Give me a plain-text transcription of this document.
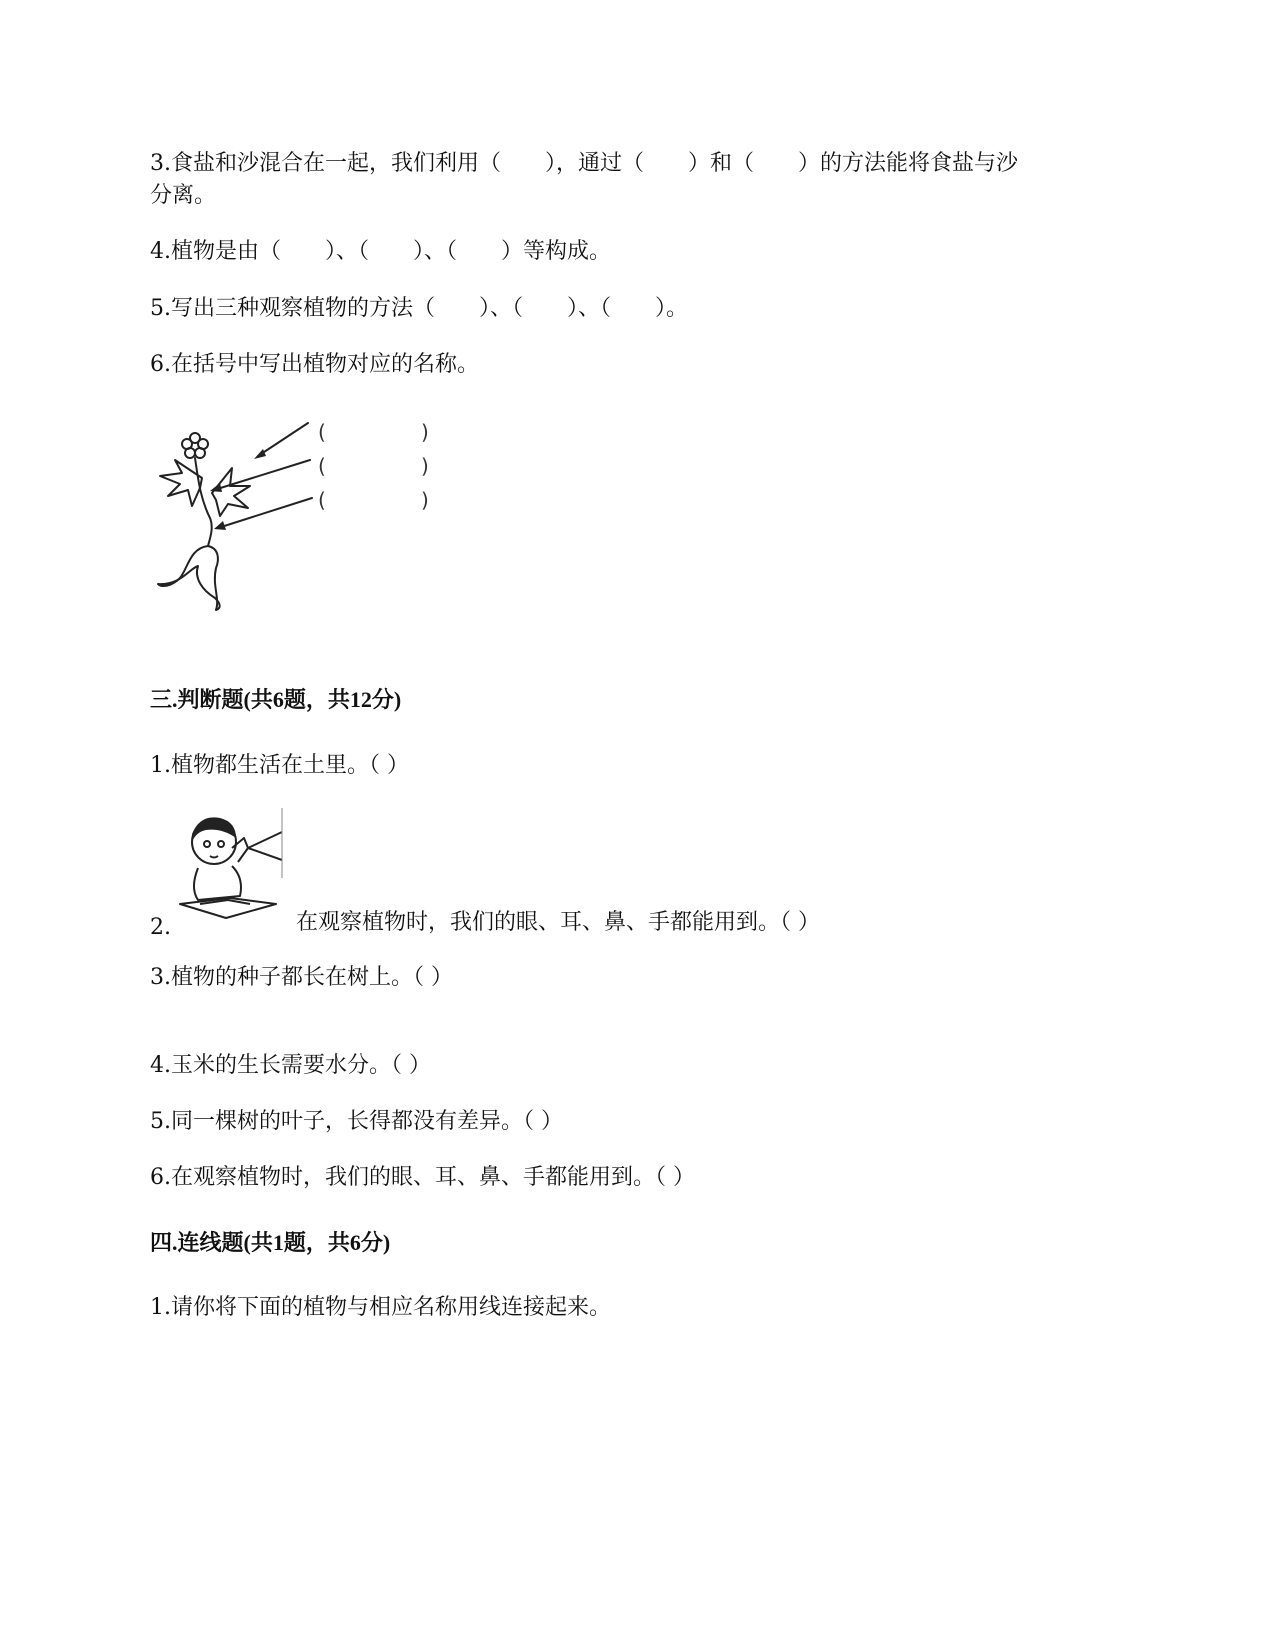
3.食盐和沙混合在一起，我们利用（　　），通过（　　）和（　　）的方法能将食盐与沙

分离。

4.植物是由（　　）、（　　）、（　　）等构成。

5.写出三种观察植物的方法（　　）、（　　）、（　　）。

6.在括号中写出植物对应的名称。

(	)
(	)
(	)

三.判断题(共6题，共12分)

1.植物都生活在土里。（ ）

2.	在观察植物时，我们的眼、耳、鼻、手都能用到。（ ）

3.植物的种子都长在树上。（ ）

4.玉米的生长需要水分。（ ）

5.同一棵树的叶子，长得都没有差异。（ ）

6.在观察植物时，我们的眼、耳、鼻、手都能用到。（ ）

四.连线题(共1题，共6分)

1.请你将下面的植物与相应名称用线连接起来。
